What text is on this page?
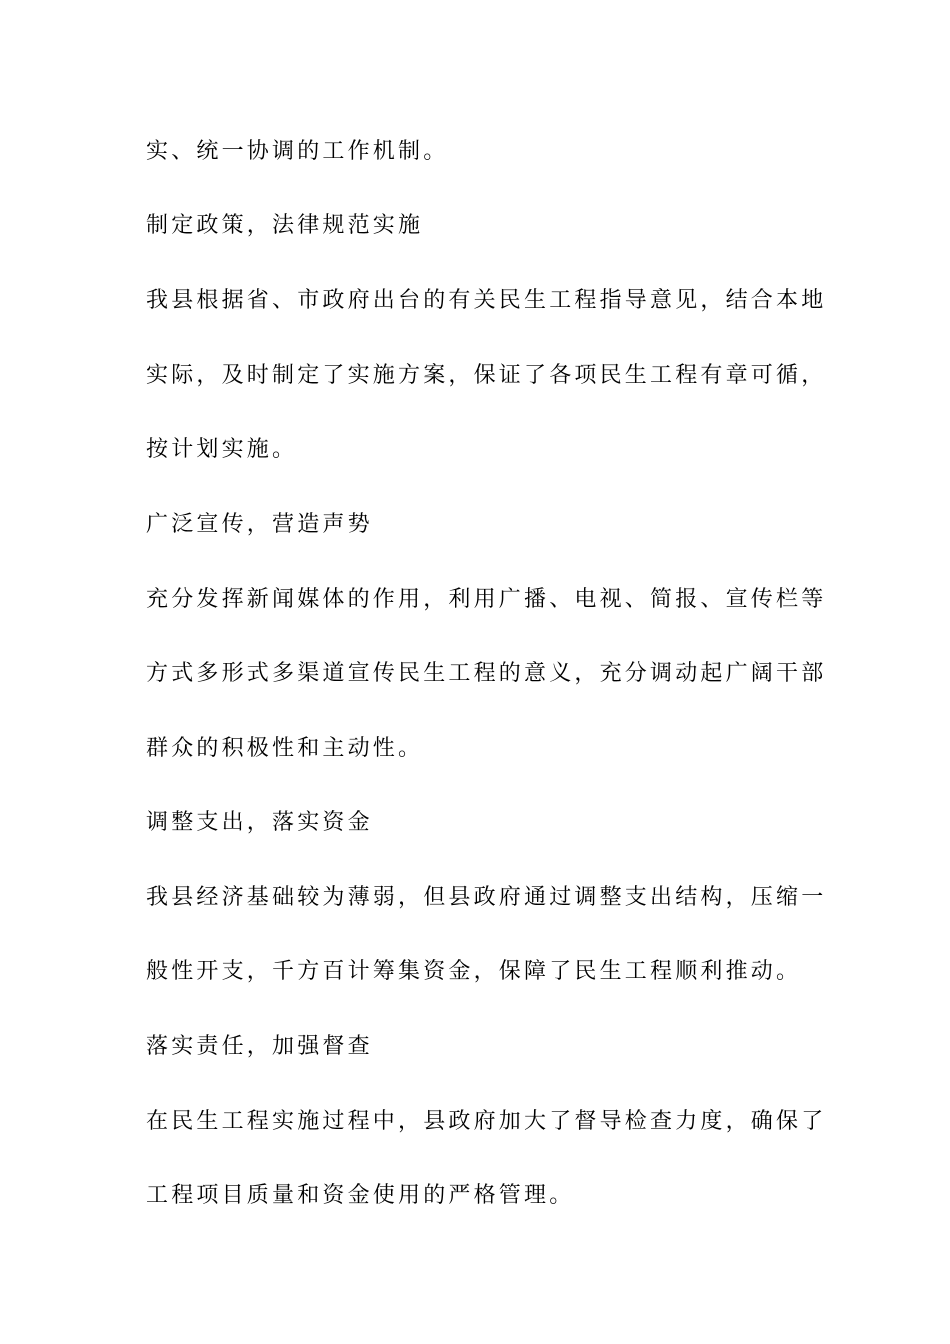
实、统一协调的工作机制。
制定政策，法律规范实施
我县根据省、市政府出台的有关民生工程指导意见，结合本地
实际，及时制定了实施方案，保证了各项民生工程有章可循，
按计划实施。
广泛宣传，营造声势
充分发挥新闻媒体的作用，利用广播、电视、简报、宣传栏等
方式多形式多渠道宣传民生工程的意义，充分调动起广阔干部
群众的积极性和主动性。
调整支出，落实资金
我县经济基础较为薄弱，但县政府通过调整支出结构，压缩一
般性开支，千方百计筹集资金，保障了民生工程顺利推动。
落实责任，加强督查
在民生工程实施过程中，县政府加大了督导检查力度，确保了
工程项目质量和资金使用的严格管理。
